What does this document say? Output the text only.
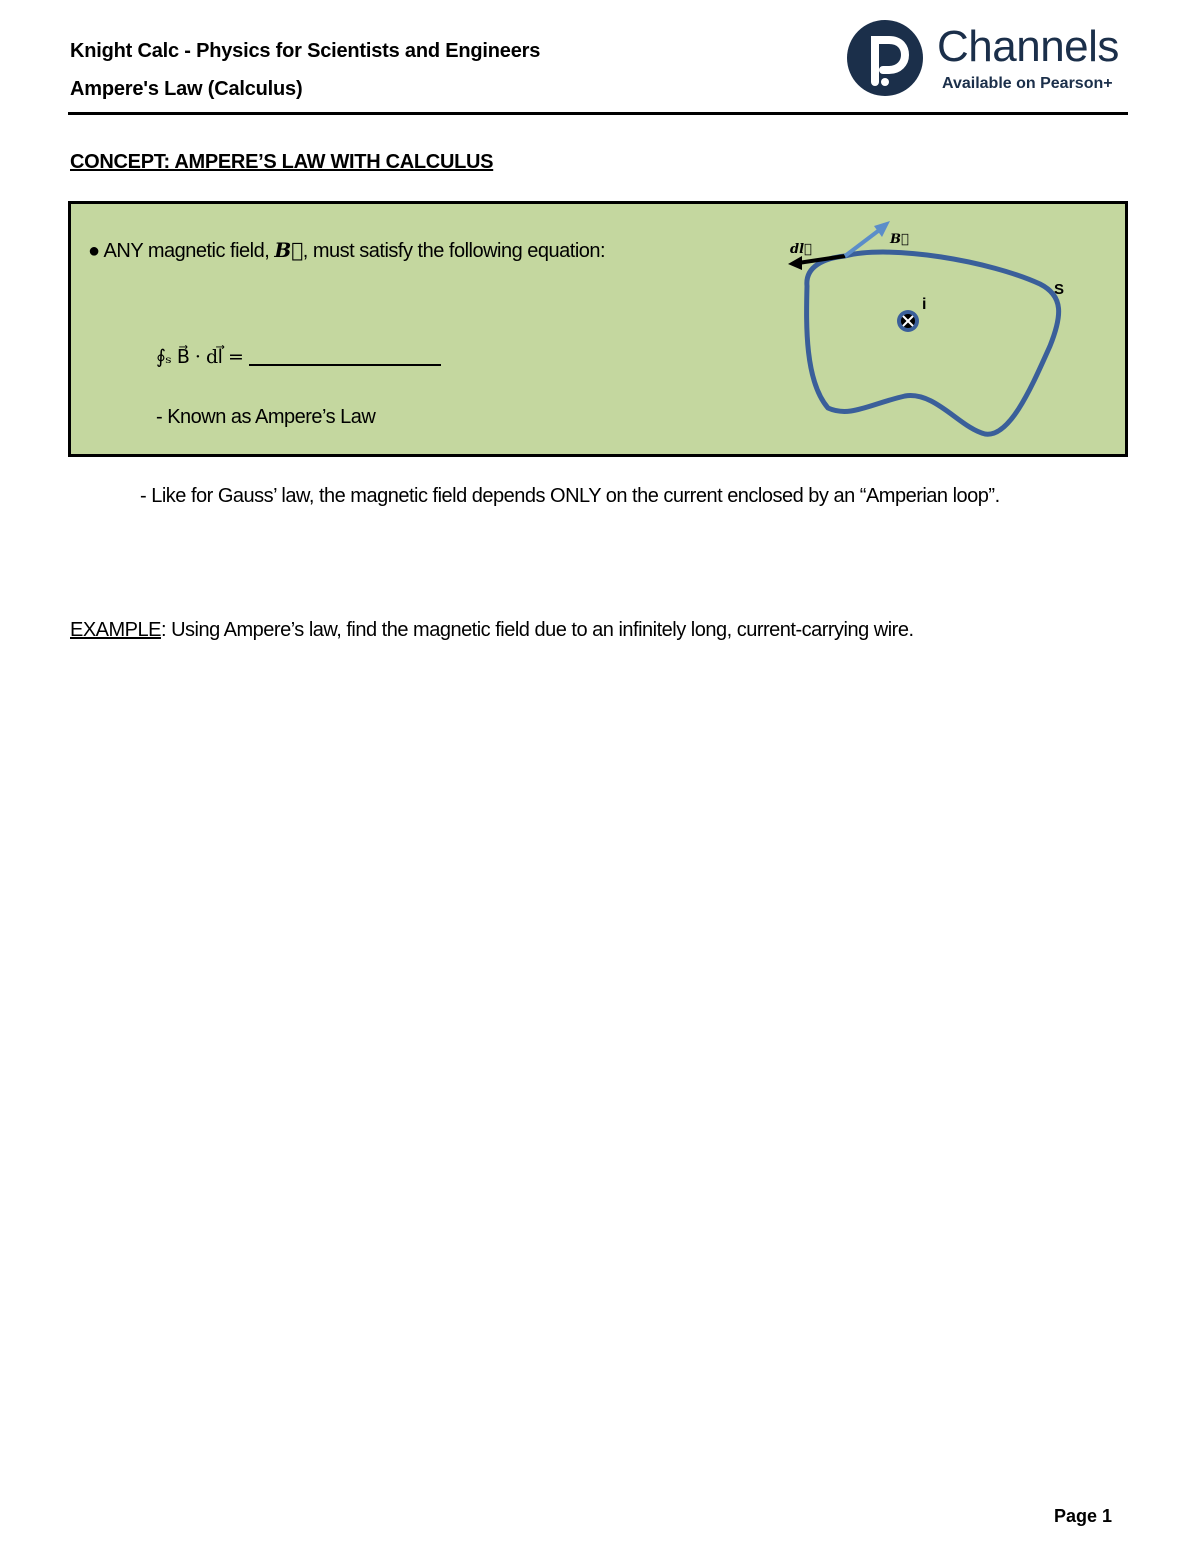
Knight Calc - Physics for Scientists and Engineers
Ampere's Law (Calculus)
Channels
Available on Pearson+
CONCEPT: AMPERE’S LAW WITH CALCULUS
● ANY magnetic field, B⃗, must satisfy the following equation:
∮ₛ B⃗ · dl⃗ =
- Known as Ampere’s Law
dl⃗
B⃗
i
S
- Like for Gauss’ law, the magnetic field depends ONLY on the current enclosed by an “Amperian loop”.
EXAMPLE: Using Ampere’s law, find the magnetic field due to an infinitely long, current-carrying wire.
Page 1
